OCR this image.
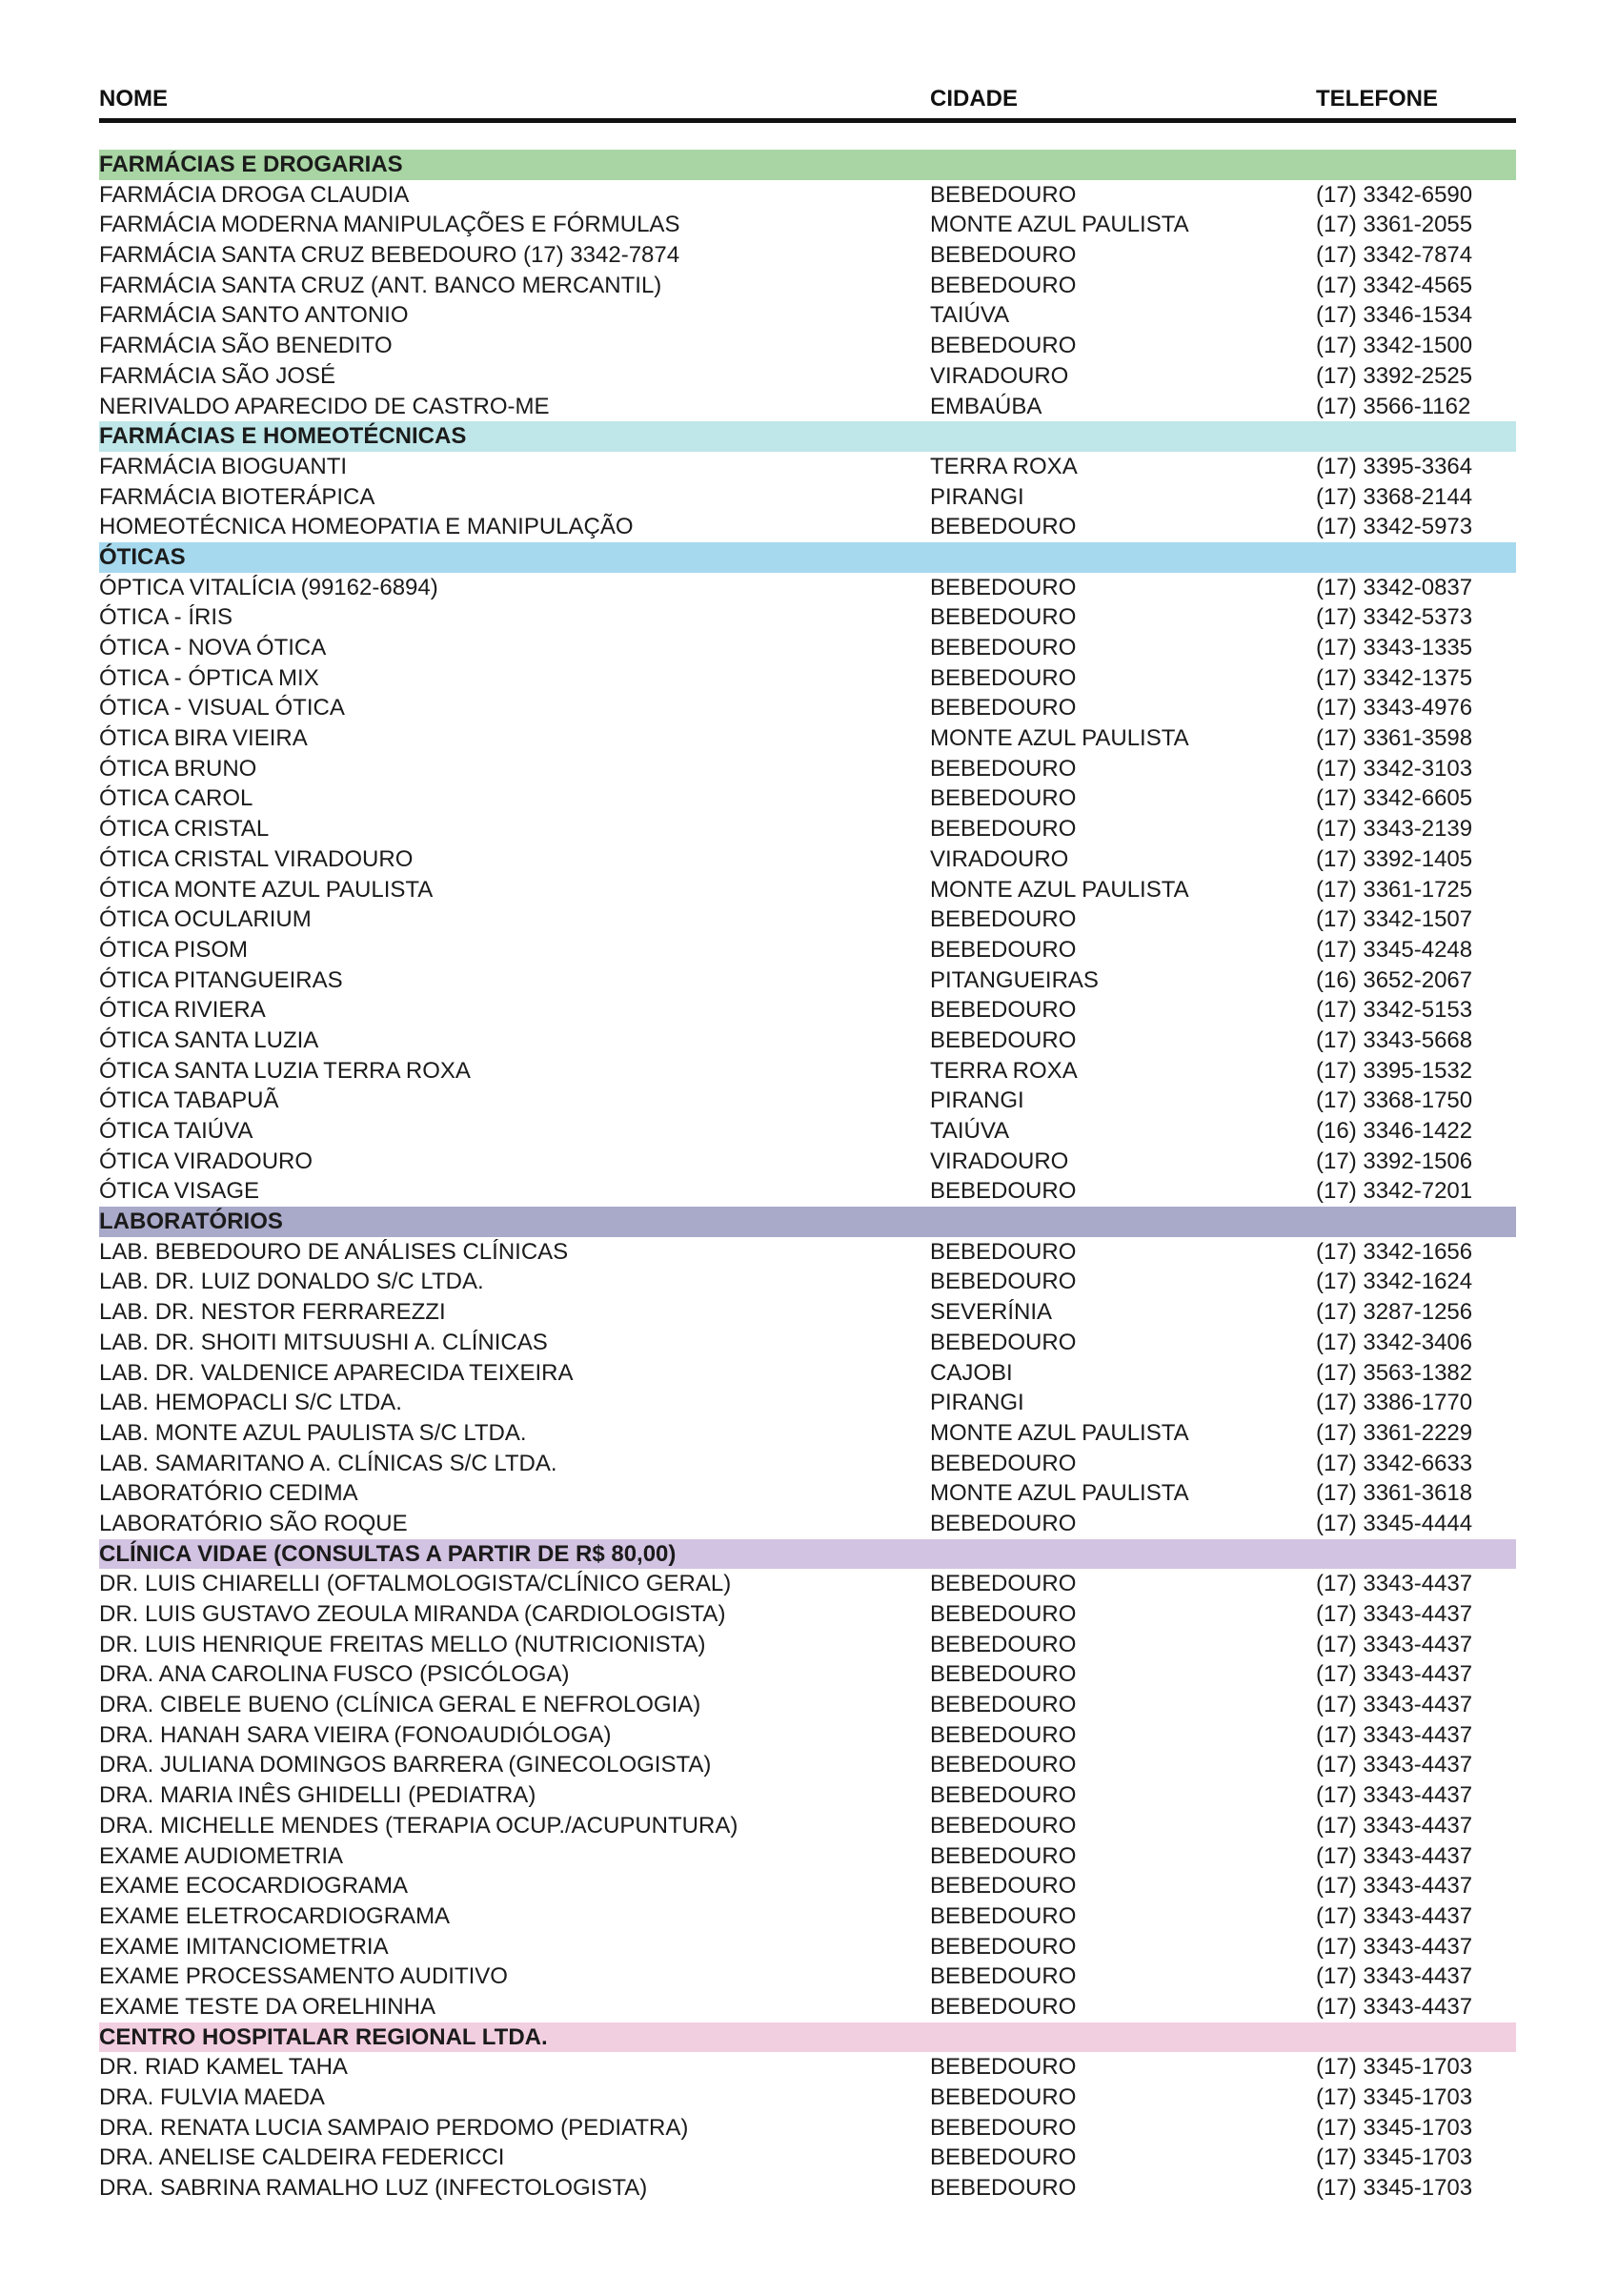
NOME	CIDADE	TELEFONE
FARMÁCIAS E DROGARIAS
FARMÁCIA DROGA CLAUDIA	BEBEDOURO	(17) 3342-6590
FARMÁCIA MODERNA MANIPULAÇÕES E FÓRMULAS	MONTE AZUL PAULISTA	(17) 3361-2055
FARMÁCIA SANTA CRUZ BEBEDOURO (17) 3342-7874	BEBEDOURO	(17) 3342-7874
FARMÁCIA SANTA CRUZ (ANT. BANCO MERCANTIL)	BEBEDOURO	(17) 3342-4565
FARMÁCIA SANTO ANTONIO	TAIÚVA	(17) 3346-1534
FARMÁCIA SÃO BENEDITO	BEBEDOURO	(17) 3342-1500
FARMÁCIA SÃO JOSÉ	VIRADOURO	(17) 3392-2525
NERIVALDO APARECIDO DE CASTRO-ME	EMBAÚBA	(17) 3566-1162
FARMÁCIAS E HOMEOTÉCNICAS
FARMÁCIA BIOGUANTI	TERRA ROXA	(17) 3395-3364
FARMÁCIA BIOTERÁPICA	PIRANGI	(17) 3368-2144
HOMEOTÉCNICA HOMEOPATIA E MANIPULAÇÃO	BEBEDOURO	(17) 3342-5973
ÓTICAS
ÓPTICA VITALÍCIA (99162-6894)	BEBEDOURO	(17) 3342-0837
ÓTICA - ÍRIS	BEBEDOURO	(17) 3342-5373
ÓTICA - NOVA ÓTICA	BEBEDOURO	(17) 3343-1335
ÓTICA - ÓPTICA MIX	BEBEDOURO	(17) 3342-1375
ÓTICA - VISUAL ÓTICA	BEBEDOURO	(17) 3343-4976
ÓTICA BIRA VIEIRA	MONTE AZUL PAULISTA	(17) 3361-3598
ÓTICA BRUNO	BEBEDOURO	(17) 3342-3103
ÓTICA CAROL	BEBEDOURO	(17) 3342-6605
ÓTICA CRISTAL	BEBEDOURO	(17) 3343-2139
ÓTICA CRISTAL VIRADOURO	VIRADOURO	(17) 3392-1405
ÓTICA MONTE AZUL PAULISTA	MONTE AZUL PAULISTA	(17) 3361-1725
ÓTICA OCULARIUM	BEBEDOURO	(17) 3342-1507
ÓTICA PISOM	BEBEDOURO	(17) 3345-4248
ÓTICA PITANGUEIRAS	PITANGUEIRAS	(16) 3652-2067
ÓTICA RIVIERA	BEBEDOURO	(17) 3342-5153
ÓTICA SANTA LUZIA	BEBEDOURO	(17) 3343-5668
ÓTICA SANTA LUZIA TERRA ROXA	TERRA ROXA	(17) 3395-1532
ÓTICA TABAPUÃ	PIRANGI	(17) 3368-1750
ÓTICA TAIÚVA	TAIÚVA	(16) 3346-1422
ÓTICA VIRADOURO	VIRADOURO	(17) 3392-1506
ÓTICA VISAGE	BEBEDOURO	(17) 3342-7201
LABORATÓRIOS
LAB. BEBEDOURO DE ANÁLISES CLÍNICAS	BEBEDOURO	(17) 3342-1656
LAB. DR. LUIZ DONALDO S/C LTDA.	BEBEDOURO	(17) 3342-1624
LAB. DR. NESTOR FERRAREZZI	SEVERÍNIA	(17) 3287-1256
LAB. DR. SHOITI MITSUUSHI A. CLÍNICAS	BEBEDOURO	(17) 3342-3406
LAB. DR. VALDENICE APARECIDA TEIXEIRA	CAJOBI	(17) 3563-1382
LAB. HEMOPACLI S/C LTDA.	PIRANGI	(17) 3386-1770
LAB. MONTE AZUL PAULISTA S/C LTDA.	MONTE AZUL PAULISTA	(17) 3361-2229
LAB. SAMARITANO A. CLÍNICAS S/C LTDA.	BEBEDOURO	(17) 3342-6633
LABORATÓRIO CEDIMA	MONTE AZUL PAULISTA	(17) 3361-3618
LABORATÓRIO SÃO ROQUE	BEBEDOURO	(17) 3345-4444
CLÍNICA VIDAE (CONSULTAS A PARTIR DE R$ 80,00)
DR. LUIS CHIARELLI (OFTALMOLOGISTA/CLÍNICO GERAL)	BEBEDOURO	(17) 3343-4437
DR. LUIS GUSTAVO ZEOULA MIRANDA (CARDIOLOGISTA)	BEBEDOURO	(17) 3343-4437
DR. LUIS HENRIQUE FREITAS MELLO (NUTRICIONISTA)	BEBEDOURO	(17) 3343-4437
DRA. ANA CAROLINA FUSCO (PSICÓLOGA)	BEBEDOURO	(17) 3343-4437
DRA. CIBELE BUENO (CLÍNICA GERAL E NEFROLOGIA)	BEBEDOURO	(17) 3343-4437
DRA. HANAH SARA VIEIRA (FONOAUDIÓLOGA)	BEBEDOURO	(17) 3343-4437
DRA. JULIANA DOMINGOS BARRERA (GINECOLOGISTA)	BEBEDOURO	(17) 3343-4437
DRA. MARIA INÊS GHIDELLI (PEDIATRA)	BEBEDOURO	(17) 3343-4437
DRA. MICHELLE MENDES (TERAPIA OCUP./ACUPUNTURA)	BEBEDOURO	(17) 3343-4437
EXAME AUDIOMETRIA	BEBEDOURO	(17) 3343-4437
EXAME ECOCARDIOGRAMA	BEBEDOURO	(17) 3343-4437
EXAME ELETROCARDIOGRAMA	BEBEDOURO	(17) 3343-4437
EXAME IMITANCIOMETRIA	BEBEDOURO	(17) 3343-4437
EXAME PROCESSAMENTO AUDITIVO	BEBEDOURO	(17) 3343-4437
EXAME TESTE DA ORELHINHA	BEBEDOURO	(17) 3343-4437
CENTRO HOSPITALAR REGIONAL LTDA.
DR. RIAD KAMEL TAHA	BEBEDOURO	(17) 3345-1703
DRA. FULVIA MAEDA	BEBEDOURO	(17) 3345-1703
DRA. RENATA LUCIA SAMPAIO PERDOMO (PEDIATRA)	BEBEDOURO	(17) 3345-1703
DRA. ANELISE CALDEIRA FEDERICCI	BEBEDOURO	(17) 3345-1703
DRA. SABRINA RAMALHO LUZ (INFECTOLOGISTA)	BEBEDOURO	(17) 3345-1703
